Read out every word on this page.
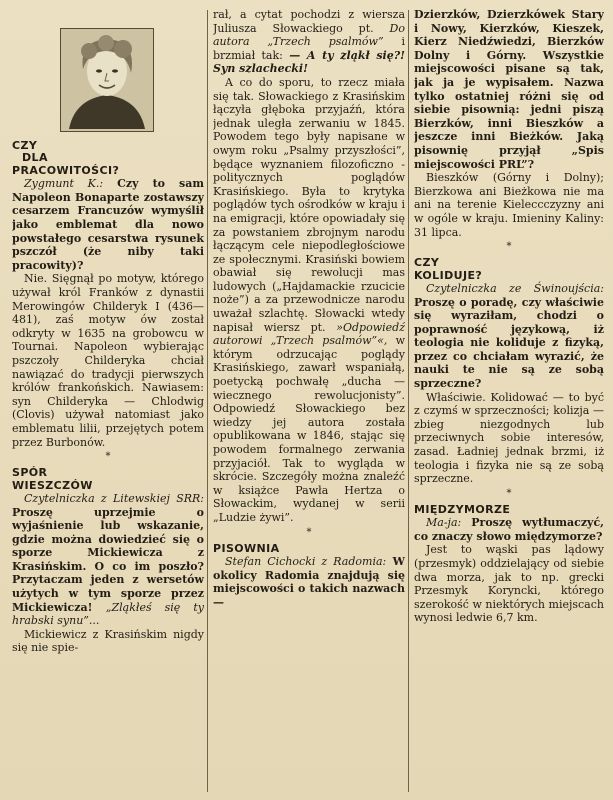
CZY
DLA
PRACOWITOŚCI?

Zygmunt K.: Czy to sam Napoleon Bonaparte zostawszy cesarzem Francuzów wymyślił jako emblemat dla nowo powstałego cesarstwa rysunek pszczół (że niby taki pracowity)?

Nie. Sięgnął po motyw, którego używał król Franków z dynastii Merowingów Childeryk I (436—481), zaś motyw ów został odkryty w 1635 na grobowcu w Tournai. Napoleon wybierając pszczoły Childeryka chciał nawiązać do tradycji pierwszych królów frankońskich. Nawiasem: syn Childeryka — Chlodwig (Clovis) używał natomiast jako emblematu lilii, przejętych potem przez Burbonów.

*
SPÓR
WIESZCZÓW

Czytelniczka z Litewskiej SRR: Proszę uprzejmie o wyjaśnienie lub wskazanie, gdzie można dowiedzieć się o sporze Mickiewicza z Krasińskim. O co im poszło? Przytaczam jeden z wersetów użytych w tym sporze przez Mickiewicza! „Zląkłeś się ty hrabski synu”...

Mickiewicz z Krasińskim nigdy się nie spie-

rał, a cytat pochodzi z wiersza Juliusza Słowackiego pt. Do autora „Trzech psalmów” i brzmiał tak: — A ty zląkł się?! Syn szlachecki!

A co do sporu, to rzecz miała się tak. Słowackiego z Krasińskim łączyła głęboka przyjaźń, która jednak uległa zerwaniu w 1845. Powodem tego były napisane w owym roku „Psalmy przyszłości”, będące wyznaniem filozoficzno - politycznych poglądów Krasińskiego. Była to krytyka poglądów tych ośrodków w kraju i na emigracji, które opowiadały się za powstaniem zbrojnym narodu łączącym cele niepodległościowe ze społecznymi. Krasiński bowiem obawiał się rewolucji mas ludowych („Hajdamackie rzucicie noże”) a za przewodnicze narodu uważał szlachtę. Słowacki wtedy napisał wiersz pt. »Odpowiedź autorowi „Trzech psalmów”«, w którym odrzucając poglądy Krasińskiego, zawarł wspaniałą, poetycką pochwałę „ducha — wiecznego rewolucjonisty”. Odpowiedź Słowackiego bez wiedzy jej autora została opublikowana w 1846, stając się powodem formalnego zerwania przyjaciół. Tak to wygląda w skrócie. Szczegóły można znaleźć w książce Pawła Hertza o Słowackim, wydanej w serii „Ludzie żywi”.

*
PISOWNIA

Stefan Cichocki z Radomia: W okolicy Radomia znajdują się miejscowości o takich nazwach —

Dzierzków, Dzierzkówek Stary i Nowy, Kierzków, Kieszek, Kierz Niedźwiedzi, Bierzków Dolny i Górny. Wszystkie miejscowości pisane są tak, jak ja je wypisałem. Nazwa tylko ostatniej różni się od siebie pisownią: jedni piszą Bierzków, inni Bieszków a jeszcze inni Bieżków. Jaką pisownię przyjął „Spis miejscowości PRL”?

Bieszków (Górny i Dolny); Bierzkowa ani Bieżkowa nie ma ani na terenie Kieleccczyzny ani w ogóle w kraju. Imieniny Kaliny: 31 lipca.

*
CZY
KOLIDUJE?

Czytelniczka ze Świnoujścia: Proszę o poradę, czy właściwie się wyraziłam, chodzi o poprawność językową, iż teologia nie koliduje z fizyką, przez co chciałam wyrazić, że nauki te nie są ze sobą sprzeczne?

Właściwie. Kolidować — to być z czymś w sprzeczności; kolizja — zbieg niezgodnych lub przeciwnych sobie interesów, zasad. Ładniej jednak brzmi, iż teologia i fizyka nie są ze sobą sprzeczne.

*
MIĘDZYMORZE

Ma-ja: Proszę wytłumaczyć, co znaczy słowo międzymorze?

Jest to wąski pas lądowy (przesmyk) oddzielający od siebie dwa morza, jak to np. grecki Przesmyk Koryncki, którego szerokość w niektórych miejscach wynosi ledwie 6,7 km.
